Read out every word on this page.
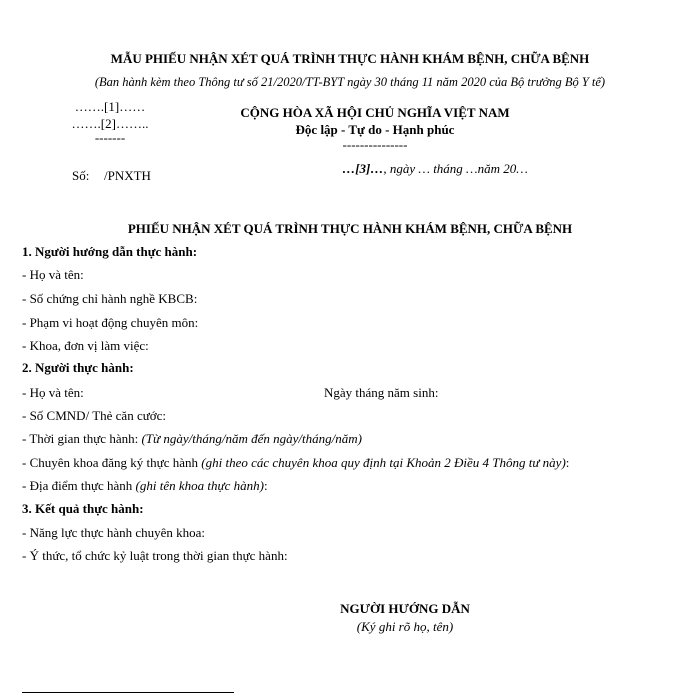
MẪU PHIẾU NHẬN XÉT QUÁ TRÌNH THỰC HÀNH KHÁM BỆNH, CHỮA BỆNH
(Ban hành kèm theo Thông tư số 21/2020/TT-BYT ngày 30 tháng 11 năm 2020 của Bộ trưởng Bộ Y tế)
…….[1]……
…….[2]……..
-------
Số: /PNXTH
CỘNG HÒA XÃ HỘI CHỦ NGHĨA VIỆT NAM
Độc lập - Tự do - Hạnh phúc
---------------
…[3]…, ngày … tháng …năm 20…
PHIẾU NHẬN XÉT QUÁ TRÌNH THỰC HÀNH KHÁM BỆNH, CHỮA BỆNH
1. Người hướng dẫn thực hành:
- Họ và tên:
- Số chứng chỉ hành nghề KBCB:
- Phạm vi hoạt động chuyên môn:
- Khoa, đơn vị làm việc:
2. Người thực hành:
- Họ và tên:	Ngày tháng năm sinh:
- Số CMND/ Thẻ căn cước:
- Thời gian thực hành: (Từ ngày/tháng/năm đến ngày/tháng/năm)
- Chuyên khoa đăng ký thực hành (ghi theo các chuyên khoa quy định tại Khoản 2 Điều 4 Thông tư này):
- Địa điểm thực hành (ghi tên khoa thực hành):
3. Kết quả thực hành:
- Năng lực thực hành chuyên khoa:
- Ý thức, tổ chức kỷ luật trong thời gian thực hành:
NGƯỜI HƯỚNG DẪN
(Ký ghi rõ họ, tên)
